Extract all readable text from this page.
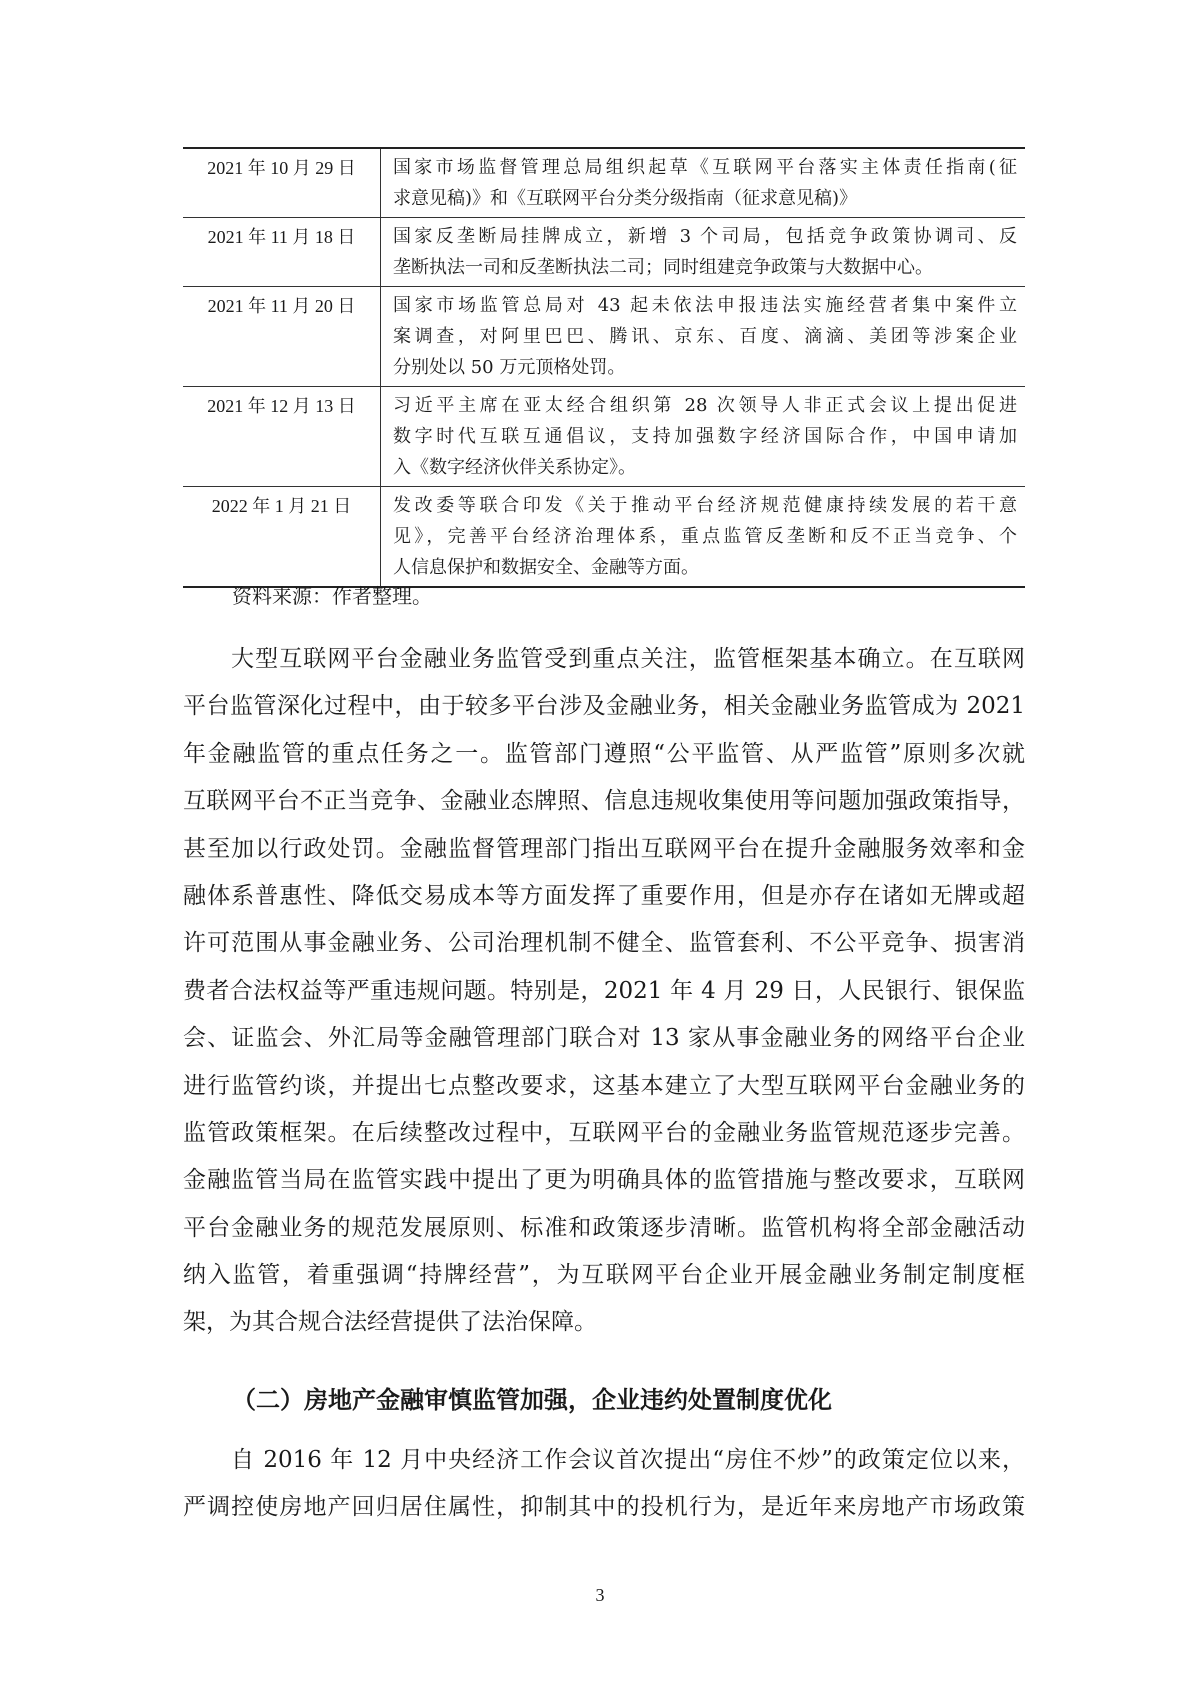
2021 年 10 月 29 日	国家市场监督管理总局组织起草《互联网平台落实主体责任指南(征
求意见稿)》和《互联网平台分类分级指南（征求意见稿)》
2021 年 11 月 18 日	国家反垄断局挂牌成立，新增 3 个司局，包括竞争政策协调司、反
垄断执法一司和反垄断执法二司；同时组建竞争政策与大数据中心。
2021 年 11 月 20 日	国家市场监管总局对 43 起未依法申报违法实施经营者集中案件立
案调查，对阿里巴巴、腾讯、京东、百度、滴滴、美团等涉案企业
分别处以 50 万元顶格处罚。
2021 年 12 月 13 日	习近平主席在亚太经合组织第 28 次领导人非正式会议上提出促进
数字时代互联互通倡议，支持加强数字经济国际合作，中国申请加
入《数字经济伙伴关系协定》。
2022 年 1 月 21 日	发改委等联合印发《关于推动平台经济规范健康持续发展的若干意
见》，完善平台经济治理体系，重点监管反垄断和反不正当竞争、个
人信息保护和数据安全、金融等方面。
资料来源：作者整理。
大型互联网平台金融业务监管受到重点关注，监管框架基本确立。在互联网
平台监管深化过程中，由于较多平台涉及金融业务，相关金融业务监管成为 2021
年金融监管的重点任务之一。监管部门遵照“公平监管、从严监管”原则多次就
互联网平台不正当竞争、金融业态牌照、信息违规收集使用等问题加强政策指导，
甚至加以行政处罚。金融监督管理部门指出互联网平台在提升金融服务效率和金
融体系普惠性、降低交易成本等方面发挥了重要作用，但是亦存在诸如无牌或超
许可范围从事金融业务、公司治理机制不健全、监管套利、不公平竞争、损害消
费者合法权益等严重违规问题。特别是，2021 年 4 月 29 日，人民银行、银保监
会、证监会、外汇局等金融管理部门联合对 13 家从事金融业务的网络平台企业
进行监管约谈，并提出七点整改要求，这基本建立了大型互联网平台金融业务的
监管政策框架。在后续整改过程中，互联网平台的金融业务监管规范逐步完善。
金融监管当局在监管实践中提出了更为明确具体的监管措施与整改要求，互联网
平台金融业务的规范发展原则、标准和政策逐步清晰。监管机构将全部金融活动
纳入监管，着重强调“持牌经营”，为互联网平台企业开展金融业务制定制度框
架，为其合规合法经营提供了法治保障。
（二）房地产金融审慎监管加强，企业违约处置制度优化
自 2016 年 12 月中央经济工作会议首次提出“房住不炒”的政策定位以来，
严调控使房地产回归居住属性，抑制其中的投机行为，是近年来房地产市场政策
3
